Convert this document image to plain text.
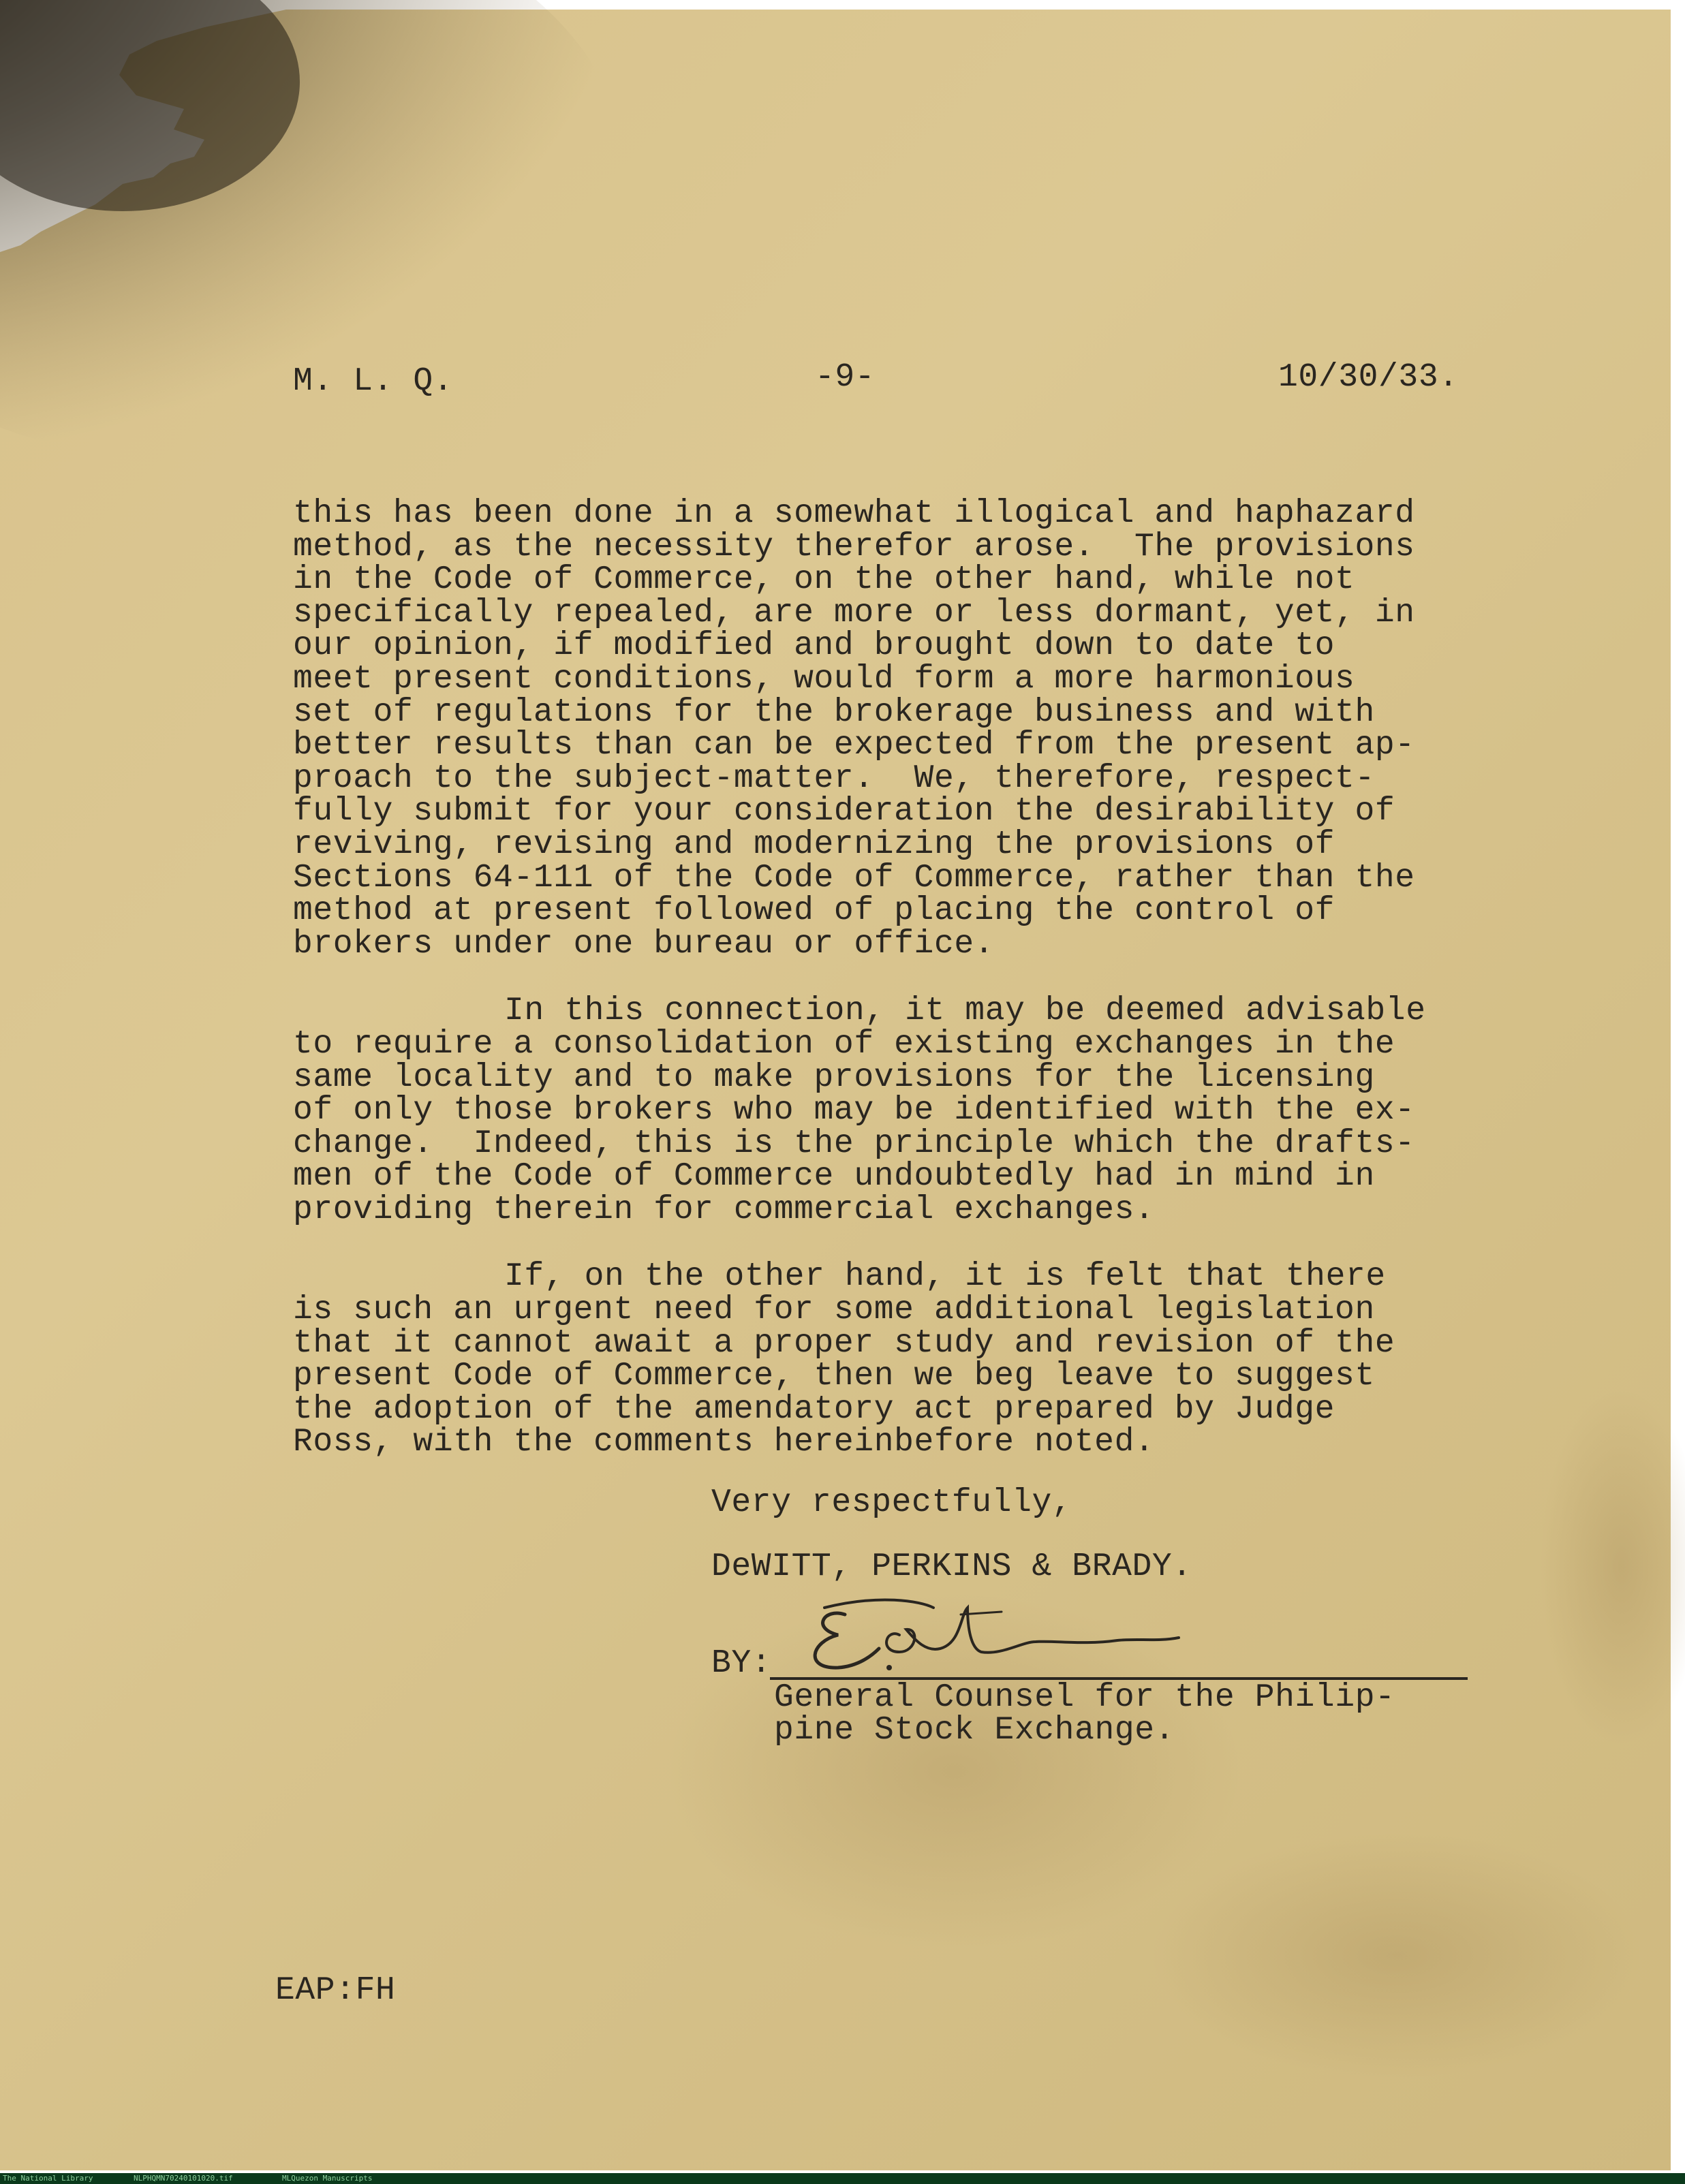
M. L. Q.	-9-	10/30/33.
this has been done in a somewhat illogical and haphazard
method, as the necessity therefor arose.  The provisions
in the Code of Commerce, on the other hand, while not
specifically repealed, are more or less dormant, yet, in
our opinion, if modified and brought down to date to
meet present conditions, would form a more harmonious
set of regulations for the brokerage business and with
better results than can be expected from the present ap-
proach to the subject-matter.  We, therefore, respect-
fully submit for your consideration the desirability of
reviving, revising and modernizing the provisions of
Sections 64-111 of the Code of Commerce, rather than the
method at present followed of placing the control of
brokers under one bureau or office.
In this connection, it may be deemed advisable
to require a consolidation of existing exchanges in the
same locality and to make provisions for the licensing
of only those brokers who may be identified with the ex-
change.  Indeed, this is the principle which the drafts-
men of the Code of Commerce undoubtedly had in mind in
providing therein for commercial exchanges.
If, on the other hand, it is felt that there
is such an urgent need for some additional legislation
that it cannot await a proper study and revision of the
present Code of Commerce, then we beg leave to suggest
the adoption of the amendatory act prepared by Judge
Ross, with the comments hereinbefore noted.
Very respectfully,
DeWITT, PERKINS & BRADY.
BY:
General Counsel for the Philip-
pine Stock Exchange.
EAP:FH
The National Library	NLPHQMN70240101020.tif	MLQuezon Manuscripts
